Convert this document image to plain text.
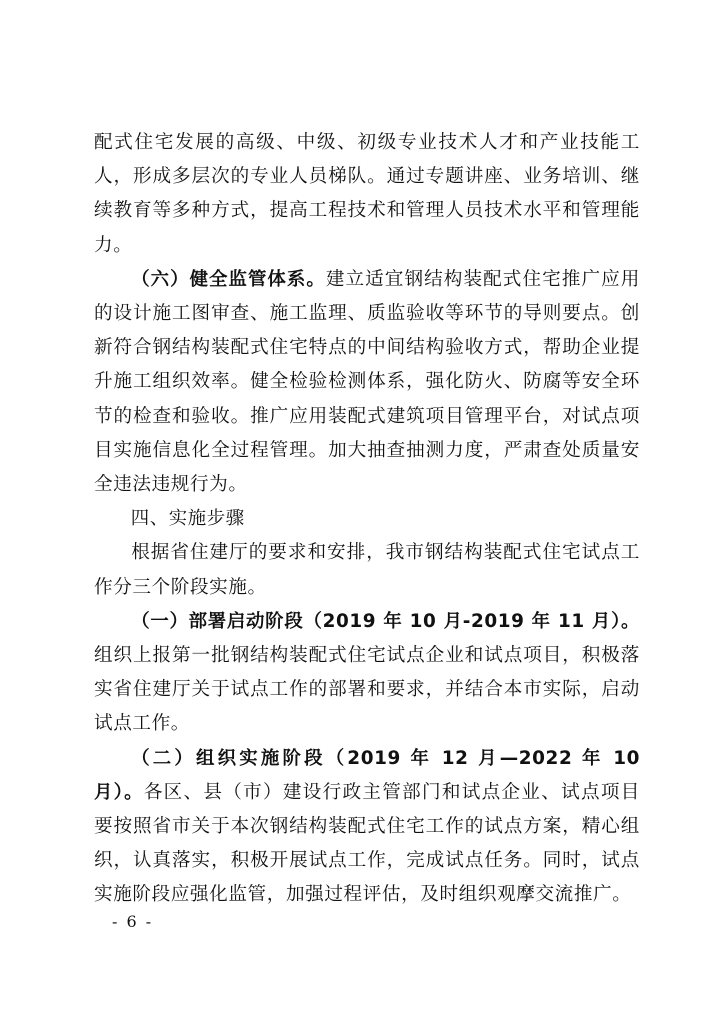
配式住宅发展的高级、中级、初级专业技术人才和产业技能工人，形成多层次的专业人员梯队。通过专题讲座、业务培训、继续教育等多种方式，提高工程技术和管理人员技术水平和管理能力。

（六）健全监管体系。建立适宜钢结构装配式住宅推广应用的设计施工图审查、施工监理、质监验收等环节的导则要点。创新符合钢结构装配式住宅特点的中间结构验收方式，帮助企业提升施工组织效率。健全检验检测体系，强化防火、防腐等安全环节的检查和验收。推广应用装配式建筑项目管理平台，对试点项目实施信息化全过程管理。加大抽查抽测力度，严肃查处质量安全违法违规行为。

四、实施步骤

根据省住建厅的要求和安排，我市钢结构装配式住宅试点工作分三个阶段实施。

（一）部署启动阶段（2019 年 10 月-2019 年 11 月）。组织上报第一批钢结构装配式住宅试点企业和试点项目，积极落实省住建厅关于试点工作的部署和要求，并结合本市实际，启动试点工作。

（二）组织实施阶段（2019 年 12 月—2022 年 10 月）。各区、县（市）建设行政主管部门和试点企业、试点项目要按照省市关于本次钢结构装配式住宅工作的试点方案，精心组织，认真落实，积极开展试点工作，完成试点任务。同时，试点实施阶段应强化监管，加强过程评估，及时组织观摩交流推广。

- 6 -
